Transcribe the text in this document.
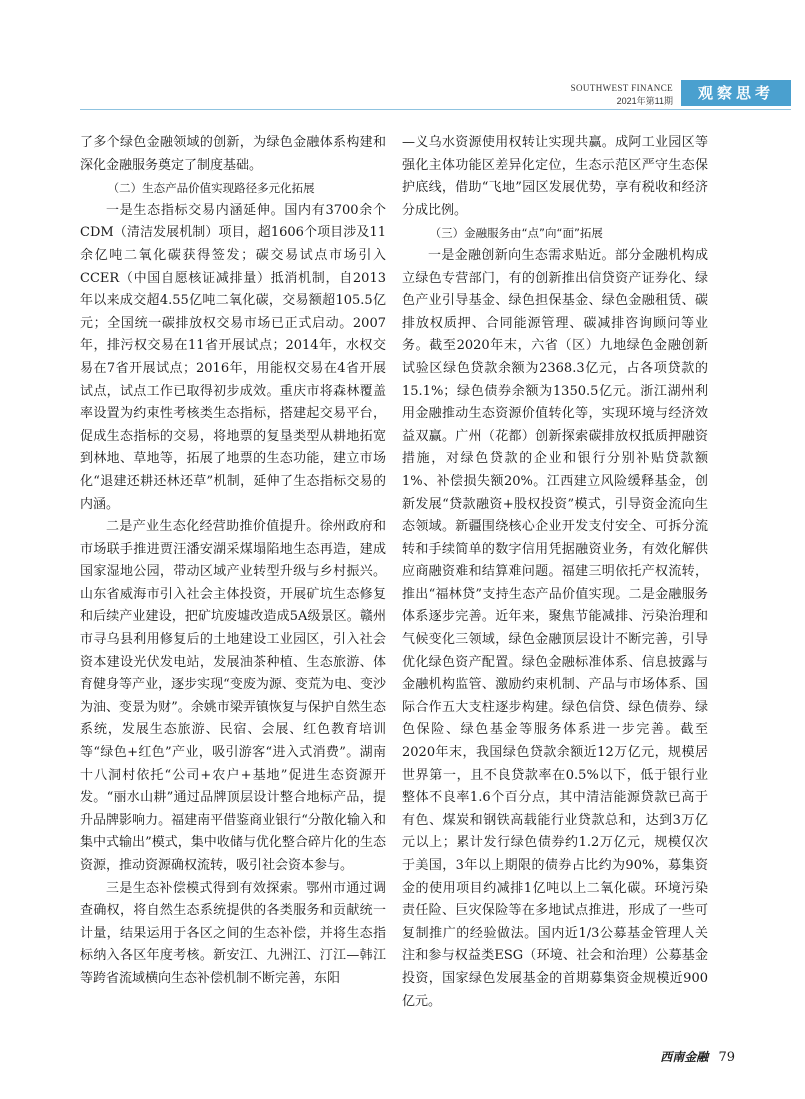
SOUTHWEST FINANCE
2021年第11期	观察思考

了多个绿色金融领域的创新，为绿色金融体系构建和深化金融服务奠定了制度基础。

（二）生态产品价值实现路径多元化拓展

一是生态指标交易内涵延伸。国内有3700余个CDM（清洁发展机制）项目，超1606个项目涉及11余亿吨二氧化碳获得签发；碳交易试点市场引入CCER（中国自愿核证减排量）抵消机制，自2013年以来成交超4.55亿吨二氧化碳，交易额超105.5亿元；全国统一碳排放权交易市场已正式启动。2007年，排污权交易在11省开展试点；2014年，水权交易在7省开展试点；2016年，用能权交易在4省开展试点，试点工作已取得初步成效。重庆市将森林覆盖率设置为约束性考核类生态指标，搭建起交易平台，促成生态指标的交易，将地票的复垦类型从耕地拓宽到林地、草地等，拓展了地票的生态功能，建立市场化“退建还耕还林还草”机制，延伸了生态指标交易的内涵。

二是产业生态化经营助推价值提升。徐州政府和市场联手推进贾汪潘安湖采煤塌陷地生态再造，建成国家湿地公园，带动区域产业转型升级与乡村振兴。山东省威海市引入社会主体投资，开展矿坑生态修复和后续产业建设，把矿坑废墟改造成5A级景区。赣州市寻乌县利用修复后的土地建设工业园区，引入社会资本建设光伏发电站，发展油茶种植、生态旅游、体育健身等产业，逐步实现“变废为源、变荒为电、变沙为油、变景为财”。余姚市梁弄镇恢复与保护自然生态系统，发展生态旅游、民宿、会展、红色教育培训等“绿色+红色”产业，吸引游客“进入式消费”。湖南十八洞村依托“公司+农户+基地”促进生态资源开发。“丽水山耕”通过品牌顶层设计整合地标产品，提升品牌影响力。福建南平借鉴商业银行“分散化输入和集中式输出”模式，集中收储与优化整合碎片化的生态资源，推动资源确权流转，吸引社会资本参与。

三是生态补偿模式得到有效探索。鄂州市通过调查确权，将自然生态系统提供的各类服务和贡献统一计量，结果运用于各区之间的生态补偿，并将生态指标纳入各区年度考核。新安江、九洲江、汀江—韩江等跨省流域横向生态补偿机制不断完善，东阳

—义乌水资源使用权转让实现共赢。成阿工业园区等强化主体功能区差异化定位，生态示范区严守生态保护底线，借助“飞地”园区发展优势，享有税收和经济分成比例。

（三）金融服务由“点”向“面”拓展

一是金融创新向生态需求贴近。部分金融机构成立绿色专营部门，有的创新推出信贷资产证券化、绿色产业引导基金、绿色担保基金、绿色金融租赁、碳排放权质押、合同能源管理、碳减排咨询顾问等业务。截至2020年末，六省（区）九地绿色金融创新试验区绿色贷款余额为2368.3亿元，占各项贷款的15.1%；绿色债券余额为1350.5亿元。浙江湖州利用金融推动生态资源价值转化等，实现环境与经济效益双赢。广州（花都）创新探索碳排放权抵质押融资措施，对绿色贷款的企业和银行分别补贴贷款额1%、补偿损失额20%。江西建立风险缓释基金，创新发展“贷款融资+股权投资”模式，引导资金流向生态领域。新疆围绕核心企业开发支付安全、可拆分流转和手续简单的数字信用凭据融资业务，有效化解供应商融资难和结算难问题。福建三明依托产权流转，推出“福林贷”支持生态产品价值实现。二是金融服务体系逐步完善。近年来，聚焦节能减排、污染治理和气候变化三领域，绿色金融顶层设计不断完善，引导优化绿色资产配置。绿色金融标准体系、信息披露与金融机构监管、激励约束机制、产品与市场体系、国际合作五大支柱逐步构建。绿色信贷、绿色债券、绿色保险、绿色基金等服务体系进一步完善。截至2020年末，我国绿色贷款余额近12万亿元，规模居世界第一，且不良贷款率在0.5%以下，低于银行业整体不良率1.6个百分点，其中清洁能源贷款已高于有色、煤炭和钢铁高载能行业贷款总和，达到3万亿元以上；累计发行绿色债券约1.2万亿元，规模仅次于美国，3年以上期限的债券占比约为90%，募集资金的使用项目约减排1亿吨以上二氧化碳。环境污染责任险、巨灾保险等在多地试点推进，形成了一些可复制推广的经验做法。国内近1/3公募基金管理人关注和参与权益类ESG（环境、社会和治理）公募基金投资，国家绿色发展基金的首期募集资金规模近900亿元。

西南金融 79
